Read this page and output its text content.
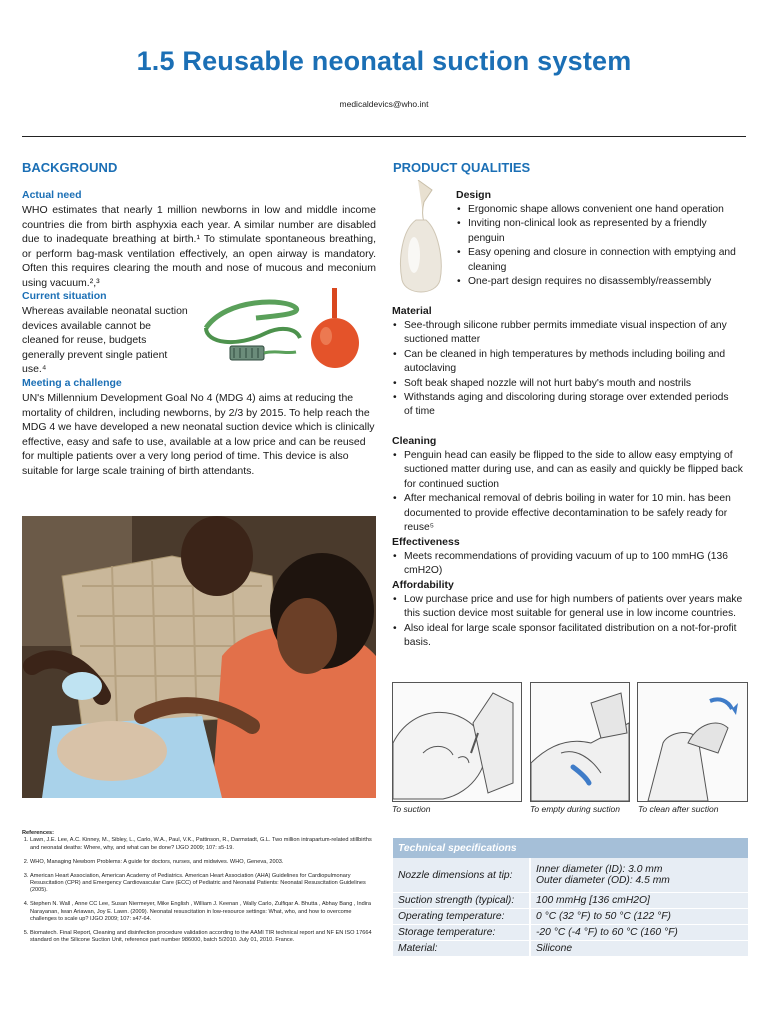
1.5 Reusable neonatal suction system
medicaldevics@who.int
BACKGROUND
Actual need

WHO estimates that nearly 1 million newborns in low and middle income countries die from birth asphyxia each year. A similar number are disabled due to inadequate breathing at birth.¹ To stimulate spontaneous breathing, or perform bag-mask ventilation effectively, an open airway is mandatory. Often this requires clearing the mouth and nose of mucous and meconium using vacuum.²,³

Current situation

Whereas available neonatal suction devices available cannot be cleaned for reuse, budgets generally prevent single patient use.⁴

Meeting a challenge

UN's Millennium Development Goal No 4 (MDG 4) aims at reducing the mortality of children, including newborns, by 2/3 by 2015. To help reach the MDG 4 we have developed a new neonatal suction device which is clinically effective, easy and safe to use, available at a low price and can be reused for multiple patients over a very long period of time. This device is also suitable for large scale training of birth attendants.

PRODUCT QUALITIES
Design
• Ergonomic shape allows convenient one hand operation
• Inviting non-clinical look as represented by a friendly penguin
• Easy opening and closure in connection with emptying and cleaning
• One-part design requires no disassembly/reassembly
Material
• See-through silicone rubber permits immediate visual inspection of any suctioned matter
• Can be cleaned in high temperatures by methods including boiling and autoclaving
• Soft beak shaped nozzle will not hurt baby's mouth and nostrils
• Withstands aging and discoloring during storage over extended periods of time
Cleaning
• Penguin head can easily be flipped to the side to allow easy emptying of suctioned matter during use, and can as easily and quickly be flipped back for continued suction
• After mechanical removal of debris boiling in water for 10 min. has been documented to provide effective decontamination to be safely ready for reuse⁵
Effectiveness
• Meets recommendations of providing vacuum of up to 100 mmHG (136 cmH2O)
Affordability
• Low purchase price and use for high numbers of patients over years make this suction device most suitable for general use in low income countries.
• Also ideal for large scale sponsor facilitated distribution on a not-for-profit basis.
To suction	To empty during suction To clean after suction
References:
1. Lawn, J.E. Lee, A.C. Kinney, M., Sibley, L., Carlo, W.A., Paul, V.K., Pattinson, R., Darmstadt, G.L. Two million intrapartum-related stillbirths and neonatal deaths: Where, why, and what can be done? IJGO 2009; 107: s5-19.
2. WHO, Managing Newborn Problems: A guide for doctors, nurses, and midwives. WHO, Geneva, 2003.
3. American Heart Association, American Academy of Pediatrics. American Heart Association (AHA) Guidelines for Cardiopulmonary Resuscitation (CPR) and Emergency Cardiovascular Care (ECC) of Pediatric and Neonatal Patients: Neonatal Resuscitation Guidelines (2005).
4. Stephen N. Wall , Anne CC Lee, Susan Niermeyer, Mike English , William J. Keenan , Wally Carlo, Zulfiqar A. Bhutta , Abhay Bang , Indira Narayanan, Iwan Ariawan, Joy E. Lawn. (2009). Neonatal resuscitation in low-resource settings: What, who, and how to overcome challenges to scale up? IJGO 2009; 107: s47-64.
5. Biomatech. Final Report, Cleaning and disinfection procedure validation according to the AAMI TIR technical report and NF EN ISO 17664 standard on the Silicone Suction Unit, reference part number 986000, batch 5/2010. July 01, 2010. France.
Technical specifications	
Nozzle dimensions at tip:	Inner diameter (ID): 3.0 mm
Outer diameter (OD): 4.5 mm

Suction strength (typical):	100 mmHg [136 cmH2O]
Operating temperature:	0 °C (32 °F) to 50 °C (122 °F)
Storage temperature:	-20 °C (-4 °F) to 60 °C (160 °F)
Material:	Silicone
